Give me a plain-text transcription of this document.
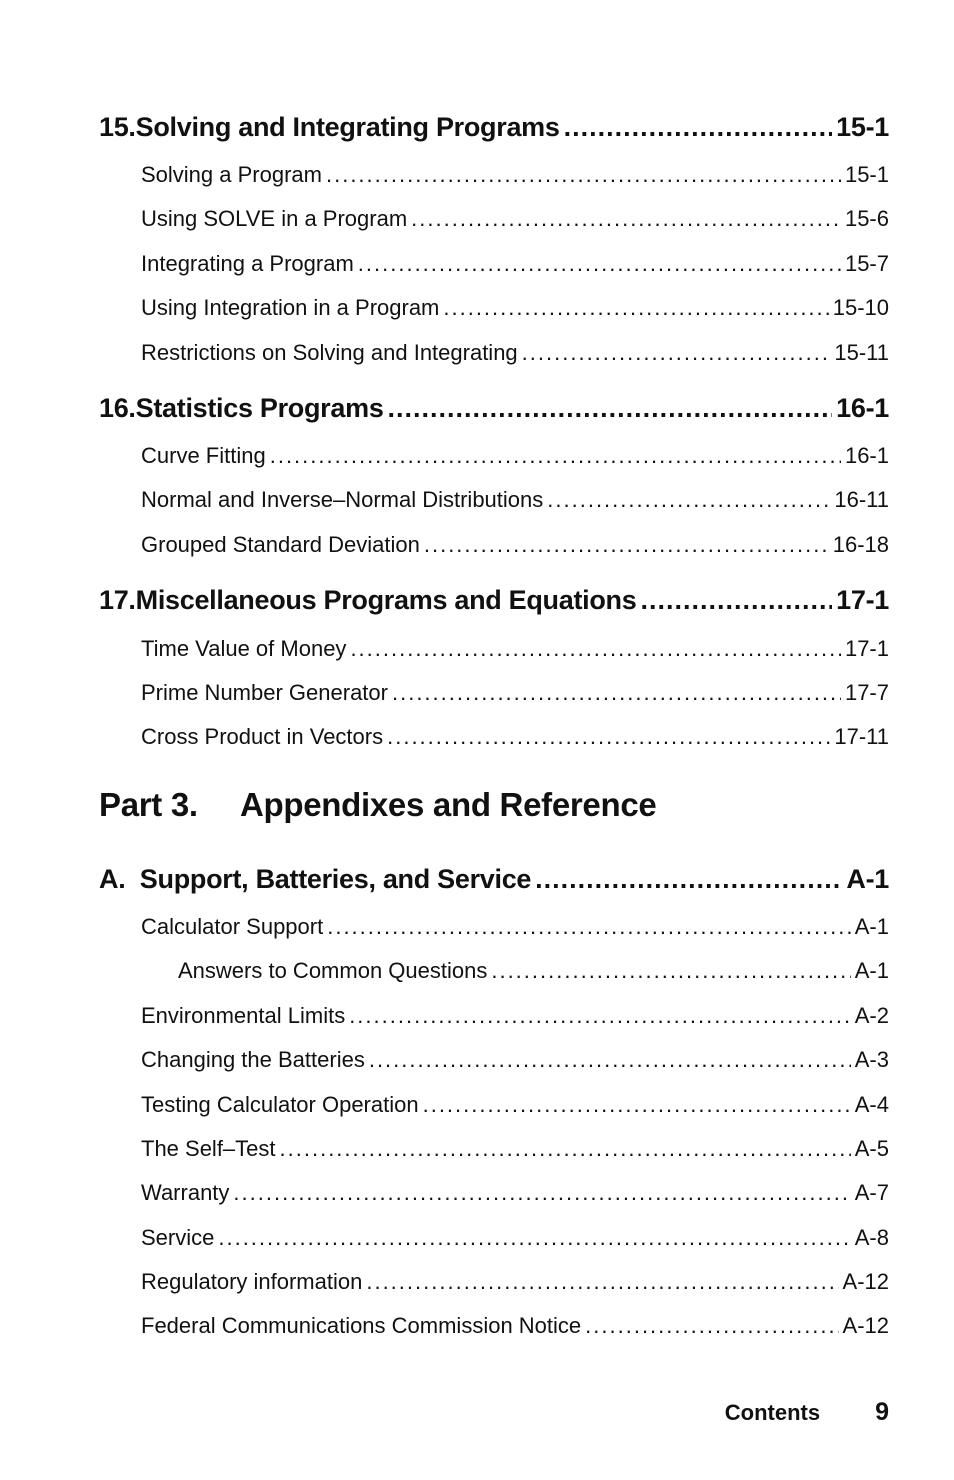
15.Solving and Integrating Programs .....	15-1
Solving a Program .....	15-1
Using SOLVE in a Program .....	15-6
Integrating a Program .....	15-7
Using Integration in a Program .....	15-10
Restrictions on Solving and Integrating .....	15-11
16.Statistics Programs .....	16-1
Curve Fitting .....	16-1
Normal and Inverse–Normal Distributions .....	16-11
Grouped Standard Deviation .....	16-18
17.Miscellaneous Programs and Equations .....	17-1
Time Value of Money .....	17-1
Prime Number Generator .....	17-7
Cross Product in Vectors .....	17-11
Part 3.	Appendixes and Reference
A.  Support, Batteries, and Service .....	A-1
Calculator Support .....	A-1
Answers to Common Questions .....	A-1
Environmental Limits .....	A-2
Changing the Batteries .....	A-3
Testing Calculator Operation .....	A-4
The Self–Test .....	A-5
Warranty .....	A-7
Service .....	A-8
Regulatory information .....	A-12
Federal Communications Commission Notice .....	A-12
Contents 9
